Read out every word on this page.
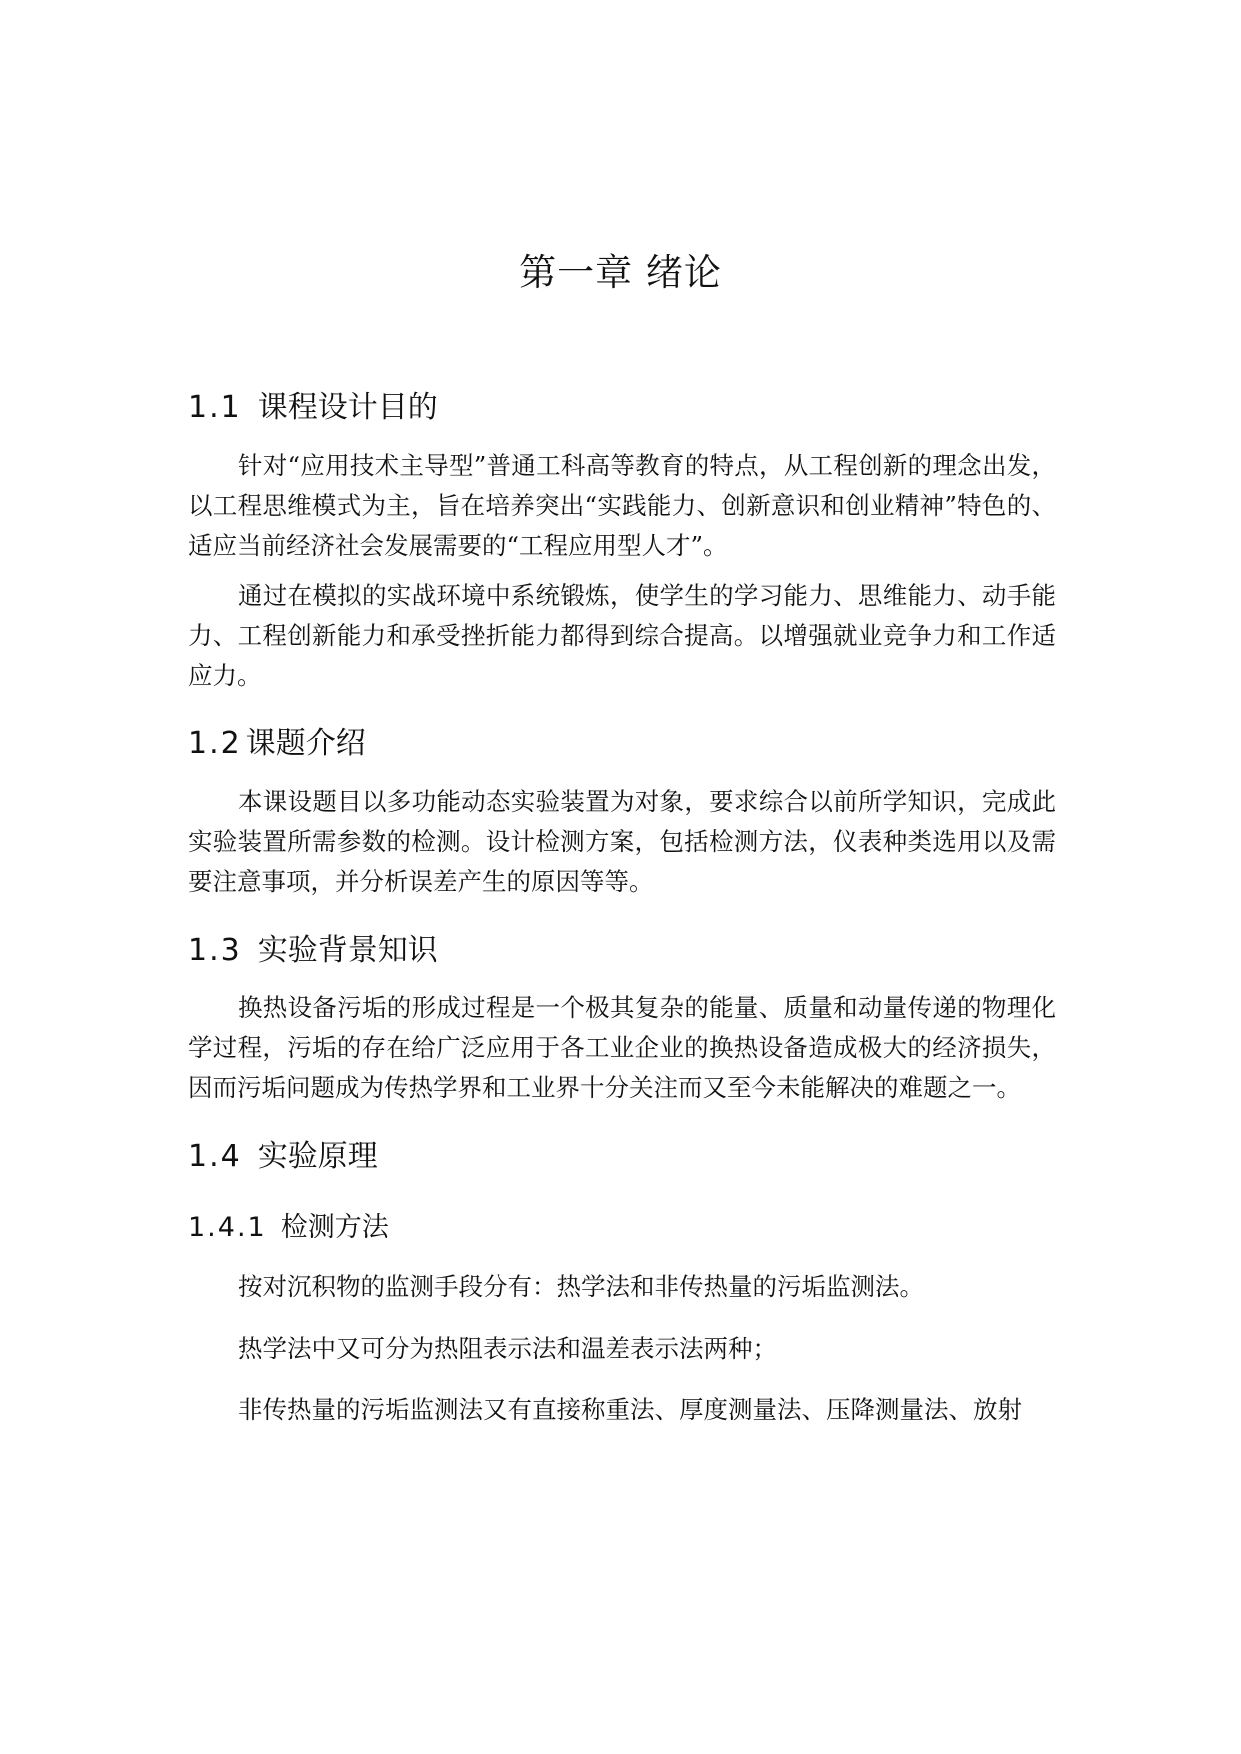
第一章 绪论
1.1 课程设计目的

针对“应用技术主导型”普通工科高等教育的特点，从工程创新的理念出发，以工程思维模式为主，旨在培养突出“实践能力、创新意识和创业精神”特色的、适应当前经济社会发展需要的“工程应用型人才”。

通过在模拟的实战环境中系统锻炼，使学生的学习能力、思维能力、动手能力、工程创新能力和承受挫折能力都得到综合提高。以增强就业竞争力和工作适应力。

1.2 课题介绍

本课设题目以多功能动态实验装置为对象，要求综合以前所学知识，完成此实验装置所需参数的检测。设计检测方案，包括检测方法，仪表种类选用以及需要注意事项，并分析误差产生的原因等等。

1.3 实验背景知识

换热设备污垢的形成过程是一个极其复杂的能量、质量和动量传递的物理化学过程，污垢的存在给广泛应用于各工业企业的换热设备造成极大的经济损失，因而污垢问题成为传热学界和工业界十分关注而又至今未能解决的难题之一。

1.4 实验原理
1.4.1 检测方法

按对沉积物的监测手段分有：热学法和非传热量的污垢监测法。

热学法中又可分为热阻表示法和温差表示法两种；

非传热量的污垢监测法又有直接称重法、厚度测量法、压降测量法、放射
